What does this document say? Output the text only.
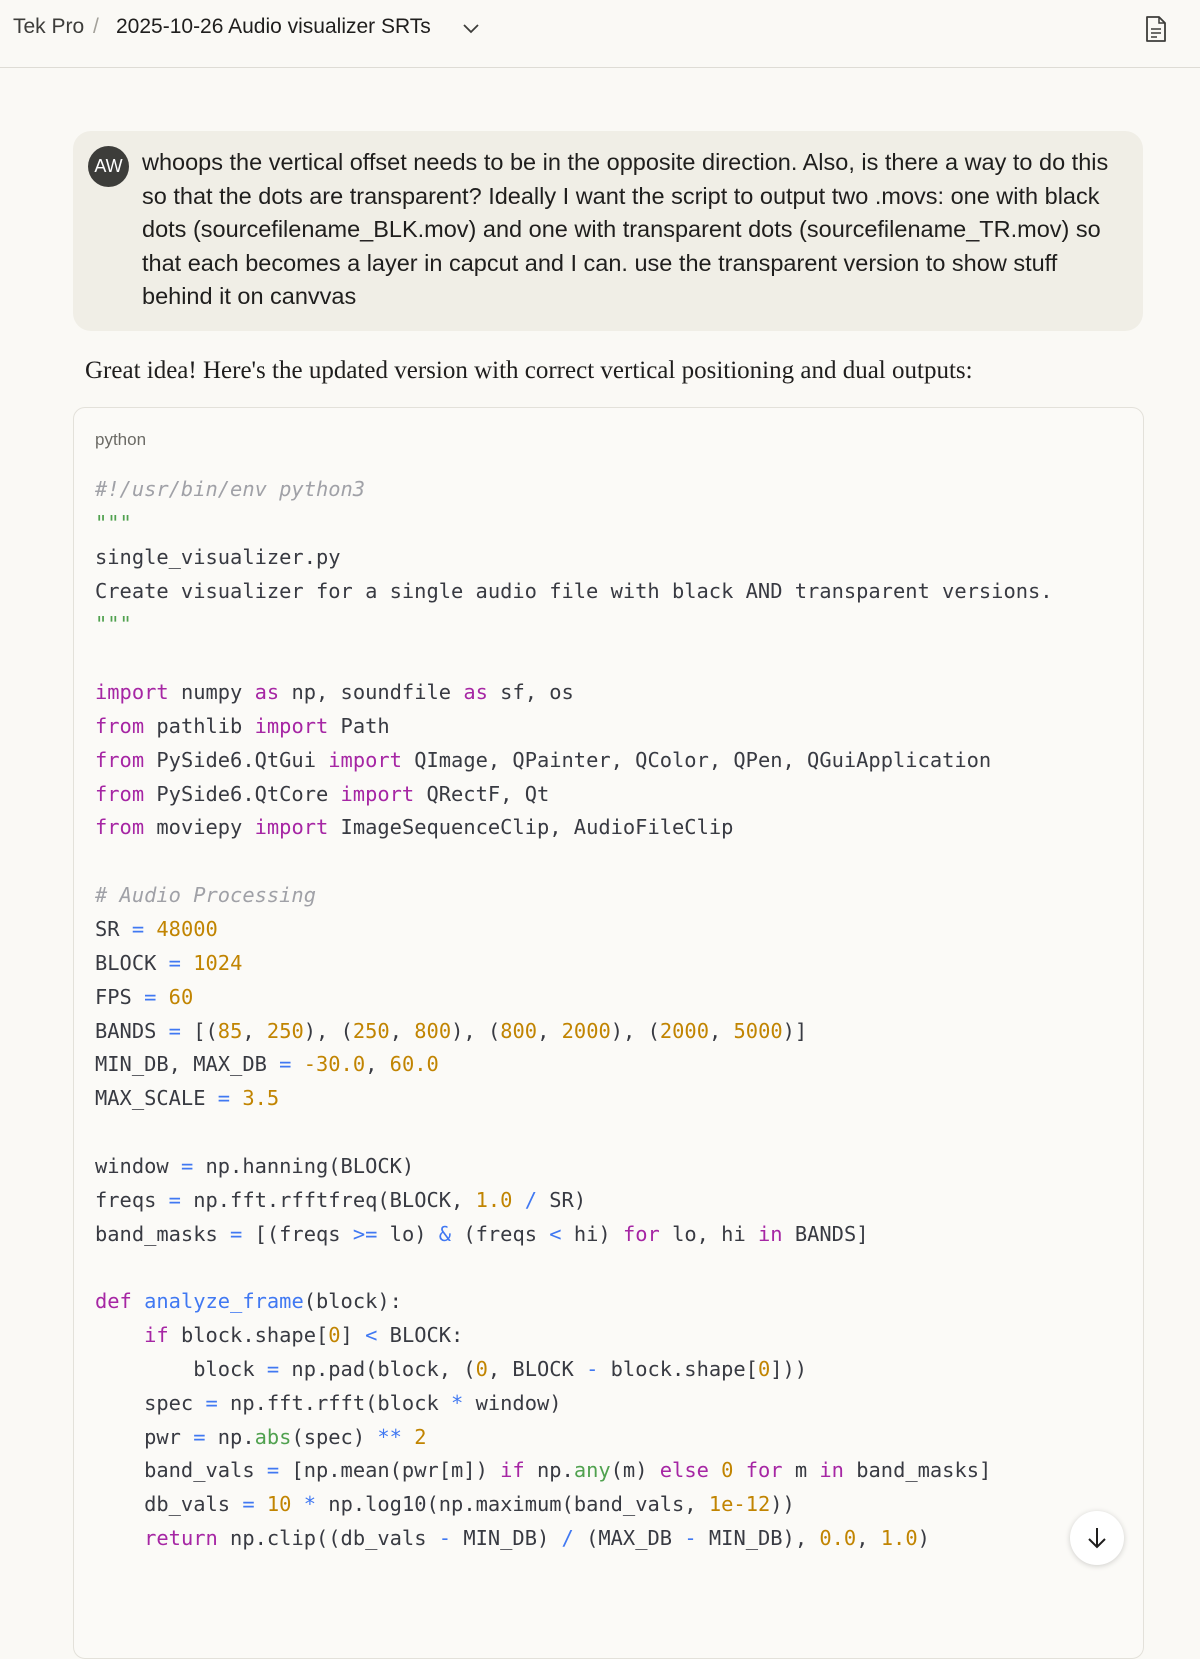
Tek Pro / 2025-10-26 Audio visualizer SRTs
AW whoops the vertical offset needs to be in the opposite direction. Also, is there a way to do this so that the dots are transparent? Ideally I want the script to output two .movs: one with black dots (sourcefilename_BLK.mov) and one with transparent dots (sourcefilename_TR.mov) so that each becomes a layer in capcut and I can. use the transparent version to show stuff behind it on canvvas
Great idea! Here's the updated version with correct vertical positioning and dual outputs:
python
#!/usr/bin/env python3
"""
single_visualizer.py
Create visualizer for a single audio file with black AND transparent versions.
"""
import numpy as np, soundfile as sf, os
from pathlib import Path
from PySide6.QtGui import QImage, QPainter, QColor, QPen, QGuiApplication
from PySide6.QtCore import QRectF, Qt
from moviepy import ImageSequenceClip, AudioFileClip
# Audio Processing
SR = 48000
BLOCK = 1024
FPS = 60
BANDS = [(85, 250), (250, 800), (800, 2000), (2000, 5000)]
MIN_DB, MAX_DB = -30.0, 60.0
MAX_SCALE = 3.5
window = np.hanning(BLOCK)
freqs = np.fft.rfftfreq(BLOCK, 1.0 / SR)
band_masks = [(freqs >= lo) & (freqs < hi) for lo, hi in BANDS]
def analyze_frame(block):
if block.shape[0] < BLOCK:
block = np.pad(block, (0, BLOCK - block.shape[0]))
spec = np.fft.rfft(block * window)
pwr = np.abs(spec) ** 2
band_vals = [np.mean(pwr[m]) if np.any(m) else 0 for m in band_masks]
db_vals = 10 * np.log10(np.maximum(band_vals, 1e-12))
return np.clip((db_vals - MIN_DB) / (MAX_DB - MIN_DB), 0.0, 1.0)
